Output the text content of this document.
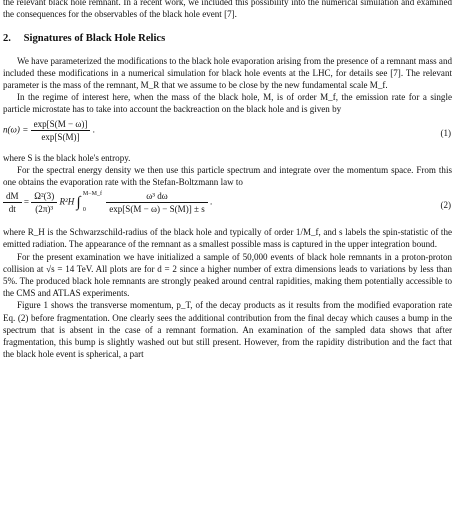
the relevant black hole remnant. In a recent work, we included this possibility into the numerical simulation and examined the consequences for the observables of the black hole event [7].

2. Signatures of Black Hole Relics

We have parameterized the modifications to the black hole evaporation arising from the presence of a remnant mass and included these modifications in a numerical simulation for black hole events at the LHC, for details see [7]. The relevant parameter is the mass of the remnant, M_R that we assume to be close by the new fundamental scale M_f.

In the regime of interest here, when the mass of the black hole, M, is of order M_f, the emission rate for a single particle microstate has to take into account the backreaction on the black hole and is given by

$n(\omega) = \frac{\exp[S(M - \omega)]}{\exp[S(M)]}$ .	(1)

where S is the black hole's entropy.

For the spectral energy density we then use this particle spectrum and integrate over the momentum space. From this one obtains the evaporation rate with the Stefan-Boltzmann law to

$\frac{dM}{dt} = \frac{\text{Ω²(3)}}{\text{(2π)³}} R^2H$ ∫
M−M_f
0
	$\frac{\text{ω³ dω}}{\exp[S(M - \omega) - S(M)] \pm s}$ .	(2)

where R_H is the Schwarzschild-radius of the black hole and typically of order 1/M_f, and s labels the spin-statistic of the emitted radiation. The appearance of the remnant as a smallest possible mass is captured in the upper integration bound.

For the present examination we have initialized a sample of 50,000 events of black hole remnants in a proton-proton collision at √s = 14 TeV. All plots are for d = 2 since a higher number of extra dimensions leads to variations by less than 5%. The produced black hole remnants are strongly peaked around central rapidities, making them potentially accessible to the CMS and ATLAS experiments.

Figure 1 shows the transverse momentum, p_T, of the decay products as it results from the modified evaporation rate Eq. (2) before fragmentation. One clearly sees the additional contribution from the final decay which causes a bump in the spectrum that is absent in the case of a remnant formation. An examination of the sampled data shows that after fragmentation, this bump is slightly washed out but still present. However, from the rapidity distribution and the fact that the black hole event is spherical, a part
